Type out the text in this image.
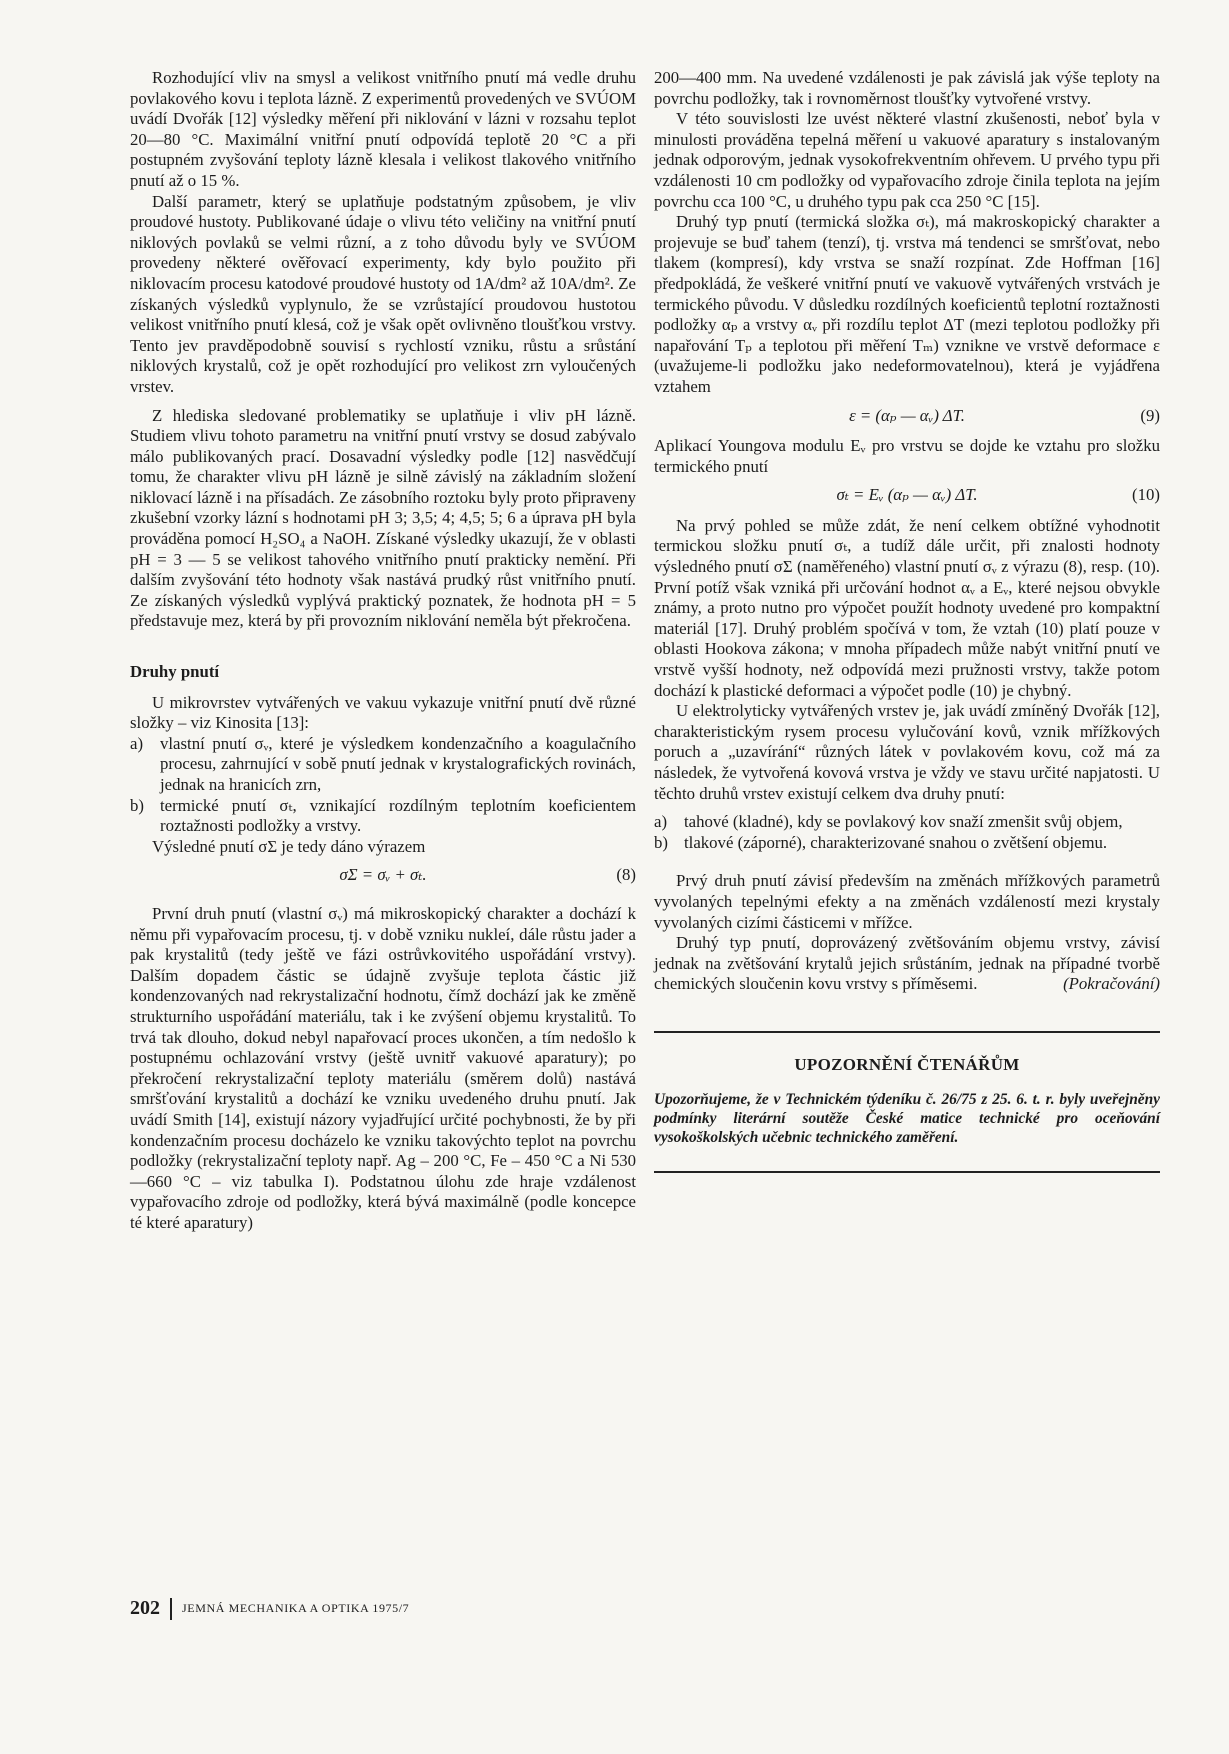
Rozhodující vliv na smysl a velikost vnitřního pnutí má vedle druhu povlakového kovu i teplota lázně. Z experimentů provedených ve SVÚOM uvádí Dvořák [12] výsledky měření při niklování v lázni v rozsahu teplot 20—80 °C. Maximální vnitřní pnutí odpovídá teplotě 20 °C a při postupném zvyšování teploty lázně klesala i velikost tlakového vnitřního pnutí až o 15 %.

Další parametr, který se uplatňuje podstatným způsobem, je vliv proudové hustoty. Publikované údaje o vlivu této veličiny na vnitřní pnutí niklových povlaků se velmi různí, a z toho důvodu byly ve SVÚOM provedeny některé ověřovací experimenty, kdy bylo použito při niklovacím procesu katodové proudové hustoty od 1A/dm² až 10A/dm². Ze získaných výsledků vyplynulo, že se vzrůstající proudovou hustotou velikost vnitřního pnutí klesá, což je však opět ovlivněno tloušťkou vrstvy. Tento jev pravděpodobně souvisí s rychlostí vzniku, růstu a srůstání niklových krystalů, což je opět rozhodující pro velikost zrn vyloučených vrstev.

Z hlediska sledované problematiky se uplatňuje i vliv pH lázně. Studiem vlivu tohoto parametru na vnitřní pnutí vrstvy se dosud zabývalo málo publikovaných prací. Dosavadní výsledky podle [12] nasvědčují tomu, že charakter vlivu pH lázně je silně závislý na základním složení niklovací lázně i na přísadách. Ze zásobního roztoku byly proto připraveny zkušební vzorky lázní s hodnotami pH 3; 3,5; 4; 4,5; 5; 6 a úprava pH byla prováděna pomocí H₂SO₄ a NaOH. Získané výsledky ukazují, že v oblasti pH = 3 — 5 se velikost tahového vnitřního pnutí prakticky nemění. Při dalším zvyšování této hodnoty však nastává prudký růst vnitřního pnutí. Ze získaných výsledků vyplývá praktický poznatek, že hodnota pH = 5 představuje mez, která by při provozním niklování neměla být překročena.

Druhy pnutí

U mikrovrstev vytvářených ve vakuu vykazuje vnitřní pnutí dvě různé složky – viz Kinosita [13]:

a) vlastní pnutí σᵥ, které je výsledkem kondenzačního a koagulačního procesu, zahrnující v sobě pnutí jednak v krystalografických rovinách, jednak na hranicích zrn,
b) termické pnutí σₜ, vznikající rozdílným teplotním koeficientem roztažnosti podložky a vrstvy.

Výsledné pnutí σΣ je tedy dáno výrazem

σΣ = σᵥ + σₜ.	(8)

První druh pnutí (vlastní σᵥ) má mikroskopický charakter a dochází k němu při vypařovacím procesu, tj. v době vzniku nukleí, dále růstu jader a pak krystalitů (tedy ještě ve fázi ostrůvkovitého uspořádání vrstvy). Dalším dopadem částic se údajně zvyšuje teplota částic již kondenzovaných nad rekrystalizační hodnotu, čímž dochází jak ke změně strukturního uspořádání materiálu, tak i ke zvýšení objemu krystalitů. To trvá tak dlouho, dokud nebyl napařovací proces ukončen, a tím nedošlo k postupnému ochlazování vrstvy (ještě uvnitř vakuové aparatury); po překročení rekrystalizační teploty materiálu (směrem dolů) nastává smršťování krystalitů a dochází ke vzniku uvedeného druhu pnutí. Jak uvádí Smith [14], existují názory vyjadřující určité pochybnosti, že by při kondenzačním procesu docházelo ke vzniku takovýchto teplot na povrchu podložky (rekrystalizační teploty např. Ag – 200 °C, Fe – 450 °C a Ni 530—660 °C – viz tabulka I). Podstatnou úlohu zde hraje vzdálenost vypařovacího zdroje od podložky, která bývá maximálně (podle koncepce té které aparatury)

200—400 mm. Na uvedené vzdálenosti je pak závislá jak výše teploty na povrchu podložky, tak i rovnoměrnost tloušťky vytvořené vrstvy.

V této souvislosti lze uvést některé vlastní zkušenosti, neboť byla v minulosti prováděna tepelná měření u vakuové aparatury s instalovaným jednak odporovým, jednak vysokofrekventním ohřevem. U prvého typu při vzdálenosti 10 cm podložky od vypařovacího zdroje činila teplota na jejím povrchu cca 100 °C, u druhého typu pak cca 250 °C [15].

Druhý typ pnutí (termická složka σₜ), má makroskopický charakter a projevuje se buď tahem (tenzí), tj. vrstva má tendenci se smršťovat, nebo tlakem (kompresí), kdy vrstva se snaží rozpínat. Zde Hoffman [16] předpokládá, že veškeré vnitřní pnutí ve vakuově vytvářených vrstvách je termického původu. V důsledku rozdílných koeficientů teplotní roztažnosti podložky αₚ a vrstvy αᵥ při rozdílu teplot ΔT (mezi teplotou podložky při napařování Tₚ a teplotou při měření Tₘ) vzniknе ve vrstvě deformace ε (uvažujeme-li podložku jako nedeformovatelnou), která je vyjádřena vztahem

ε = (αₚ — αᵥ) ΔT.	(9)

Aplikací Youngova modulu Eᵥ pro vrstvu se dojde ke vztahu pro složku termického pnutí

σₜ = Eᵥ (αₚ — αᵥ) ΔT.	(10)

Na prvý pohled se může zdát, že není celkem obtížné vyhodnotit termickou složku pnutí σₜ, a tudíž dále určit, při znalosti hodnoty výsledného pnutí σΣ (naměřeného) vlastní pnutí σᵥ z výrazu (8), resp. (10). První potíž však vzniká při určování hodnot αᵥ a Eᵥ, které nejsou obvykle známy, a proto nutno pro výpočet použít hodnoty uvedené pro kompaktní materiál [17]. Druhý problém spočívá v tom, že vztah (10) platí pouze v oblasti Hookova zákona; v mnoha případech může nabýt vnitřní pnutí ve vrstvě vyšší hodnoty, než odpovídá mezi pružnosti vrstvy, takže potom dochází k plastické deformaci a výpočet podle (10) je chybný.

U elektrolyticky vytvářených vrstev je, jak uvádí zmíněný Dvořák [12], charakteristickým rysem procesu vylučování kovů, vznik mřížkových poruch a „uzavírání“ různých látek v povlakovém kovu, což má za následek, že vytvořená kovová vrstva je vždy ve stavu určité napjatosti. U těchto druhů vrstev existují celkem dva druhy pnutí:

a) tahové (kladné), kdy se povlakový kov snaží zmenšit svůj objem,
b) tlakové (záporné), charakterizované snahou o zvětšení objemu.

Prvý druh pnutí závisí především na změnách mřížkových parametrů vyvolaných tepelnými efekty a na změnách vzdáleností mezi krystaly vyvolaných cizími částicemi v mřížce.

Druhý typ pnutí, doprovázený zvětšováním objemu vrstvy, závisí jednak na zvětšování krytalů jejich srůstáním, jednak na případné tvorbě chemických sloučenin kovu vrstvy s příměsemi.	(Pokračování)

UPOZORNĚNÍ ČTENÁŘŮM
Upozorňujeme, že v Technickém týdeníku č. 26/75 z 25. 6. t. r. byly uveřejněny podmínky literární soutěže České matice technické pro oceňování vysokoškolských učebnic technického zaměření.
202 JEMNÁ MECHANIKA A OPTIKA 1975/7
